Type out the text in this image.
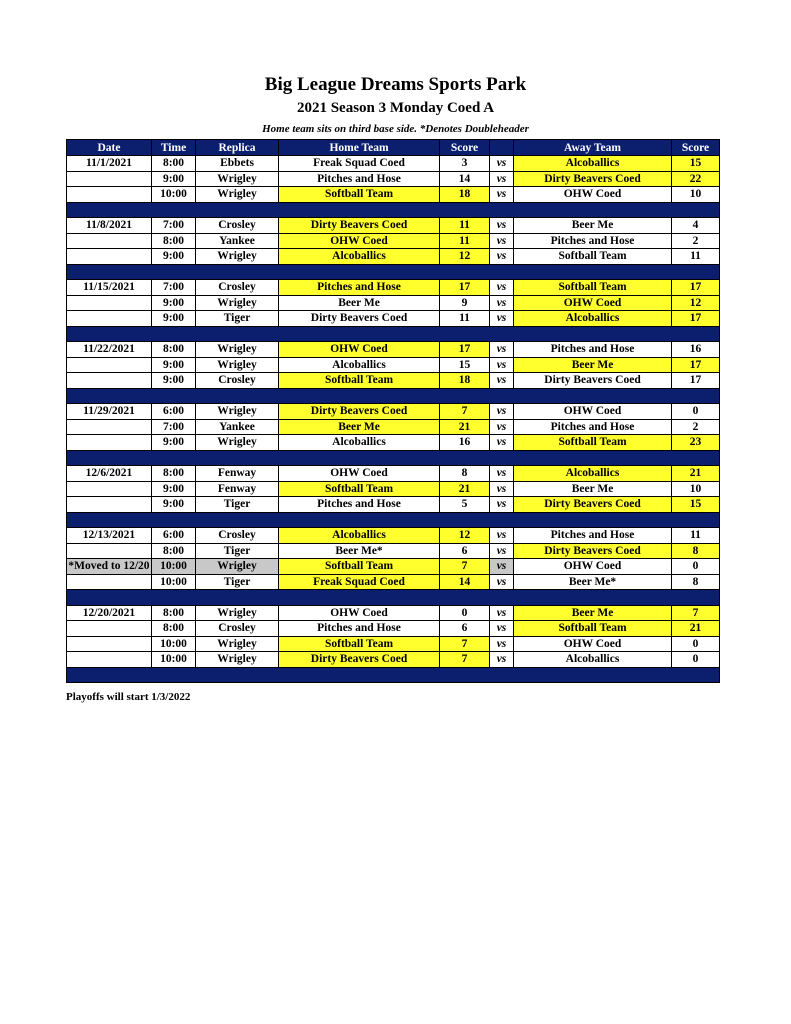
Big League Dreams Sports Park
2021 Season 3 Monday Coed A
Home team sits on third base side. *Denotes Doubleheader
Date	Time	Replica	Home Team	Score		Away Team	Score
11/1/2021	8:00	Ebbets	Freak Squad Coed	3	vs	Alcoballics	15
	9:00	Wrigley	Pitches and Hose	14	vs	Dirty Beavers Coed	22
	10:00	Wrigley	Softball Team	18	vs	OHW Coed	10

11/8/2021	7:00	Crosley	Dirty Beavers Coed	11	vs	Beer Me	4
	8:00	Yankee	OHW Coed	11	vs	Pitches and Hose	2
	9:00	Wrigley	Alcoballics	12	vs	Softball Team	11

11/15/2021	7:00	Crosley	Pitches and Hose	17	vs	Softball Team	17
	9:00	Wrigley	Beer Me	9	vs	OHW Coed	12
	9:00	Tiger	Dirty Beavers Coed	11	vs	Alcoballics	17

11/22/2021	8:00	Wrigley	OHW Coed	17	vs	Pitches and Hose	16
	9:00	Wrigley	Alcoballics	15	vs	Beer Me	17
	9:00	Crosley	Softball Team	18	vs	Dirty Beavers Coed	17

11/29/2021	6:00	Wrigley	Dirty Beavers Coed	7	vs	OHW Coed	0
	7:00	Yankee	Beer Me	21	vs	Pitches and Hose	2
	9:00	Wrigley	Alcoballics	16	vs	Softball Team	23

12/6/2021	8:00	Fenway	OHW Coed	8	vs	Alcoballics	21
	9:00	Fenway	Softball Team	21	vs	Beer Me	10
	9:00	Tiger	Pitches and Hose	5	vs	Dirty Beavers Coed	15

12/13/2021	6:00	Crosley	Alcoballics	12	vs	Pitches and Hose	11
	8:00	Tiger	Beer Me*	6	vs	Dirty Beavers Coed	8
*Moved to 12/20	10:00	Wrigley	Softball Team	7	vs	OHW Coed	0
	10:00	Tiger	Freak Squad Coed	14	vs	Beer Me*	8

12/20/2021	8:00	Wrigley	OHW Coed	0	vs	Beer Me	7
	8:00	Crosley	Pitches and Hose	6	vs	Softball Team	21
	10:00	Wrigley	Softball Team	7	vs	OHW Coed	0
	10:00	Wrigley	Dirty Beavers Coed	7	vs	Alcoballics	0

Playoffs will start 1/3/2022
